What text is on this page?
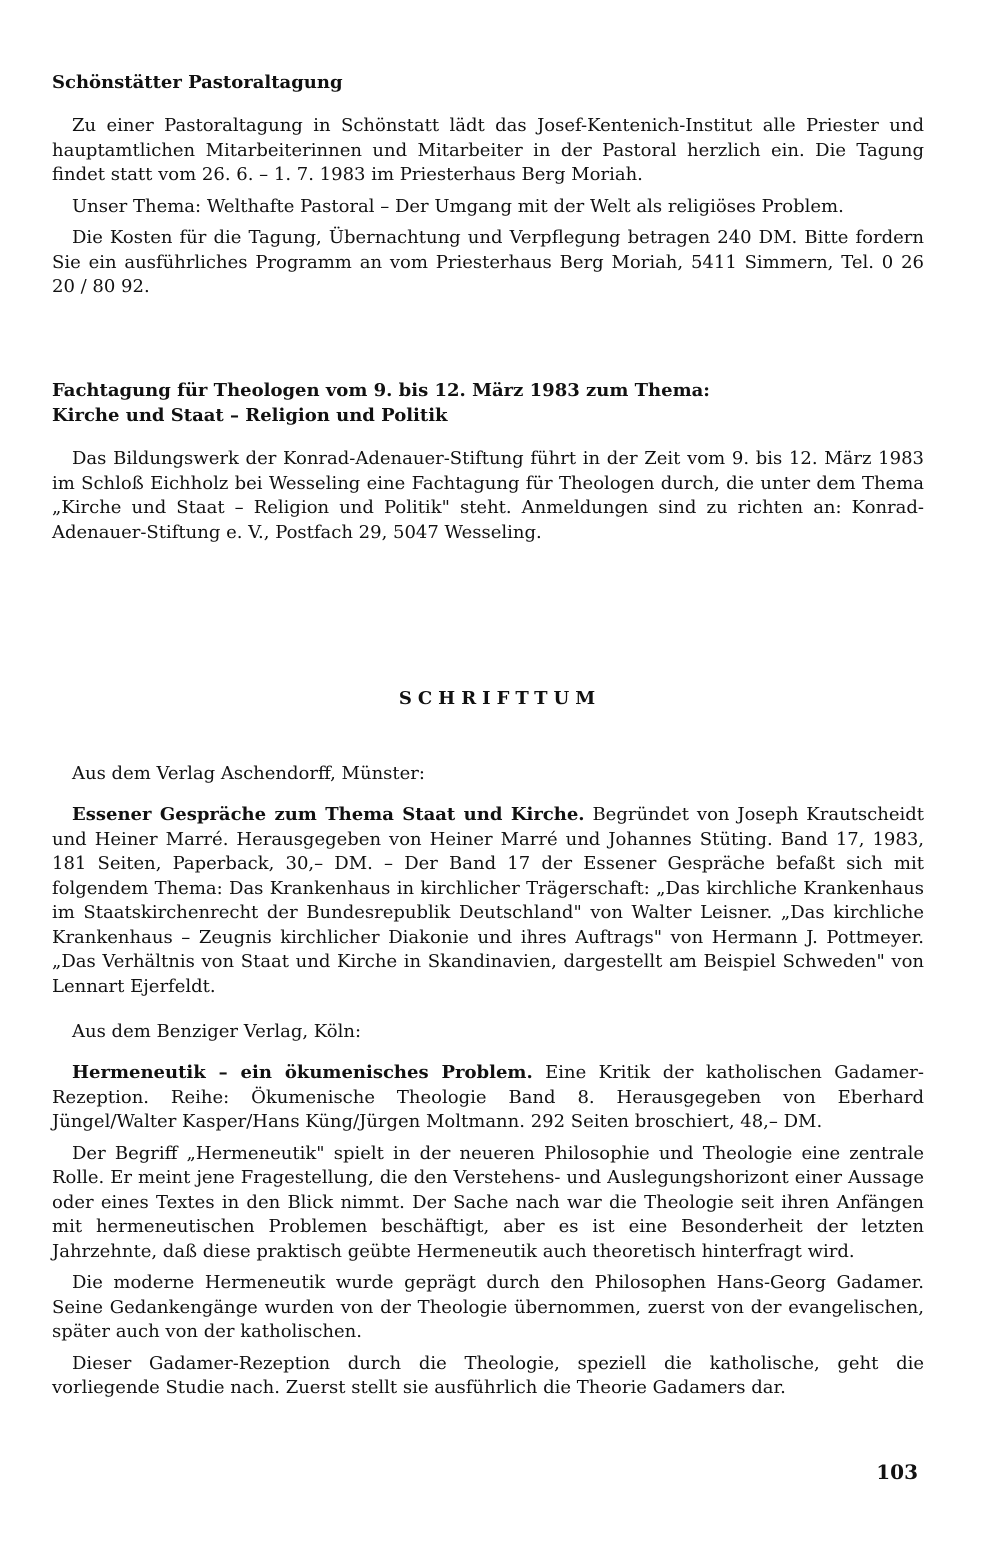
Schönstätter Pastoraltagung

Zu einer Pastoraltagung in Schönstatt lädt das Josef-Kentenich-Institut alle Priester und hauptamtlichen Mitarbeiterinnen und Mitarbeiter in der Pastoral herzlich ein. Die Tagung findet statt vom 26. 6. – 1. 7. 1983 im Priesterhaus Berg Moriah.

Unser Thema: Welthafte Pastoral – Der Umgang mit der Welt als religiöses Problem.

Die Kosten für die Tagung, Übernachtung und Verpflegung betragen 240 DM. Bitte fordern Sie ein ausführliches Programm an vom Priesterhaus Berg Moriah, 5411 Simmern, Tel. 0 26 20 / 80 92.

Fachtagung für Theologen vom 9. bis 12. März 1983 zum Thema:

Kirche und Staat – Religion und Politik

Das Bildungswerk der Konrad-Adenauer-Stiftung führt in der Zeit vom 9. bis 12. März 1983 im Schloß Eichholz bei Wesseling eine Fachtagung für Theologen durch, die unter dem Thema „Kirche und Staat – Religion und Politik" steht. Anmeldungen sind zu richten an: Konrad-Adenauer-Stiftung e. V., Postfach 29, 5047 Wesseling.

SCHRIFTTUM

Aus dem Verlag Aschendorff, Münster:

Essener Gespräche zum Thema Staat und Kirche. Begründet von Joseph Krautscheidt und Heiner Marré. Herausgegeben von Heiner Marré und Johannes Stüting. Band 17, 1983, 181 Seiten, Paperback, 30,– DM. – Der Band 17 der Essener Gespräche befaßt sich mit folgendem Thema: Das Krankenhaus in kirchlicher Trägerschaft: „Das kirchliche Krankenhaus im Staatskirchenrecht der Bundesrepublik Deutschland" von Walter Leisner. „Das kirchliche Krankenhaus – Zeugnis kirchlicher Diakonie und ihres Auftrags" von Hermann J. Pottmeyer. „Das Verhältnis von Staat und Kirche in Skandinavien, dargestellt am Beispiel Schweden" von Lennart Ejerfeldt.

Aus dem Benziger Verlag, Köln:

Hermeneutik – ein ökumenisches Problem. Eine Kritik der katholischen Gadamer-Rezeption. Reihe: Ökumenische Theologie Band 8. Herausgegeben von Eberhard Jüngel/Walter Kasper/Hans Küng/Jürgen Moltmann. 292 Seiten broschiert, 48,– DM.

Der Begriff „Hermeneutik" spielt in der neueren Philosophie und Theologie eine zentrale Rolle. Er meint jene Fragestellung, die den Verstehens- und Auslegungshorizont einer Aussage oder eines Textes in den Blick nimmt. Der Sache nach war die Theologie seit ihren Anfängen mit hermeneutischen Problemen beschäftigt, aber es ist eine Besonderheit der letzten Jahrzehnte, daß diese praktisch geübte Hermeneutik auch theoretisch hinterfragt wird.

Die moderne Hermeneutik wurde geprägt durch den Philosophen Hans-Georg Gadamer. Seine Gedankengänge wurden von der Theologie übernommen, zuerst von der evangelischen, später auch von der katholischen.

Dieser Gadamer-Rezeption durch die Theologie, speziell die katholische, geht die vorliegende Studie nach. Zuerst stellt sie ausführlich die Theorie Gadamers dar.

103
